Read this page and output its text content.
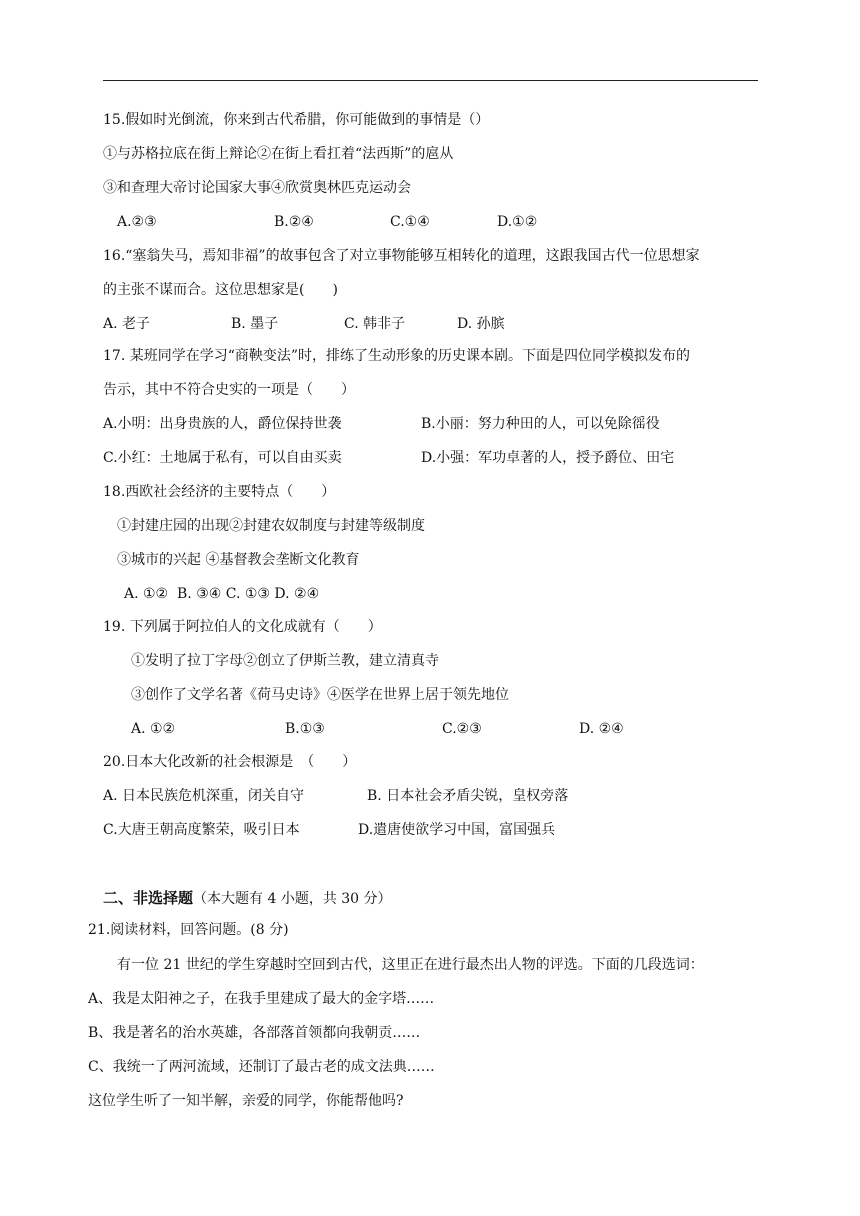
15.假如时光倒流，你来到古代希腊，你可能做到的事情是（）
①与苏格拉底在街上辩论②在街上看扛着“法西斯”的扈从
③和查理大帝讨论国家大事④欣赏奥林匹克运动会
A.②③	B.②④	C.①④	D.①②
16.“塞翁失马，焉知非福”的故事包含了对立事物能够互相转化的道理，这跟我国古代一位思想家
的主张不谋而合。这位思想家是(　　)
A. 老子	B. 墨子	C. 韩非子	D. 孙膑
17. 某班同学在学习“商鞅变法”时，排练了生动形象的历史课本剧。下面是四位同学模拟发布的
告示，其中不符合史实的一项是（　　）
A.小明：出身贵族的人，爵位保持世袭	B.小丽：努力种田的人，可以免除徭役
C.小红：土地属于私有，可以自由买卖	D.小强：军功卓著的人，授予爵位、田宅
18.西欧社会经济的主要特点（　　）
①封建庄园的出现②封建农奴制度与封建等级制度
③城市的兴起 ④基督教会垄断文化教育
A. ①②  B. ③④ C. ①③ D. ②④
19. 下列属于阿拉伯人的文化成就有（　　）
①发明了拉丁字母②创立了伊斯兰教，建立清真寺
③创作了文学名著《荷马史诗》④医学在世界上居于领先地位
A. ①②	B.①③	C.②③	D. ②④
20.日本大化改新的社会根源是　（　　）
A. 日本民族危机深重，闭关自守	B. 日本社会矛盾尖锐，皇权旁落
C.大唐王朝高度繁荣，吸引日本	D.遣唐使欲学习中国，富国强兵
二、非选择题（本大题有 4 小题，共 30 分）
21.阅读材料，回答问题。(8 分)
有一位 21 世纪的学生穿越时空回到古代，这里正在进行最杰出人物的评选。下面的几段选词：
A、我是太阳神之子，在我手里建成了最大的金字塔……
B、我是著名的治水英雄，各部落首领都向我朝贡……
C、我统一了两河流域，还制订了最古老的成文法典……
这位学生听了一知半解，亲爱的同学，你能帮他吗?
